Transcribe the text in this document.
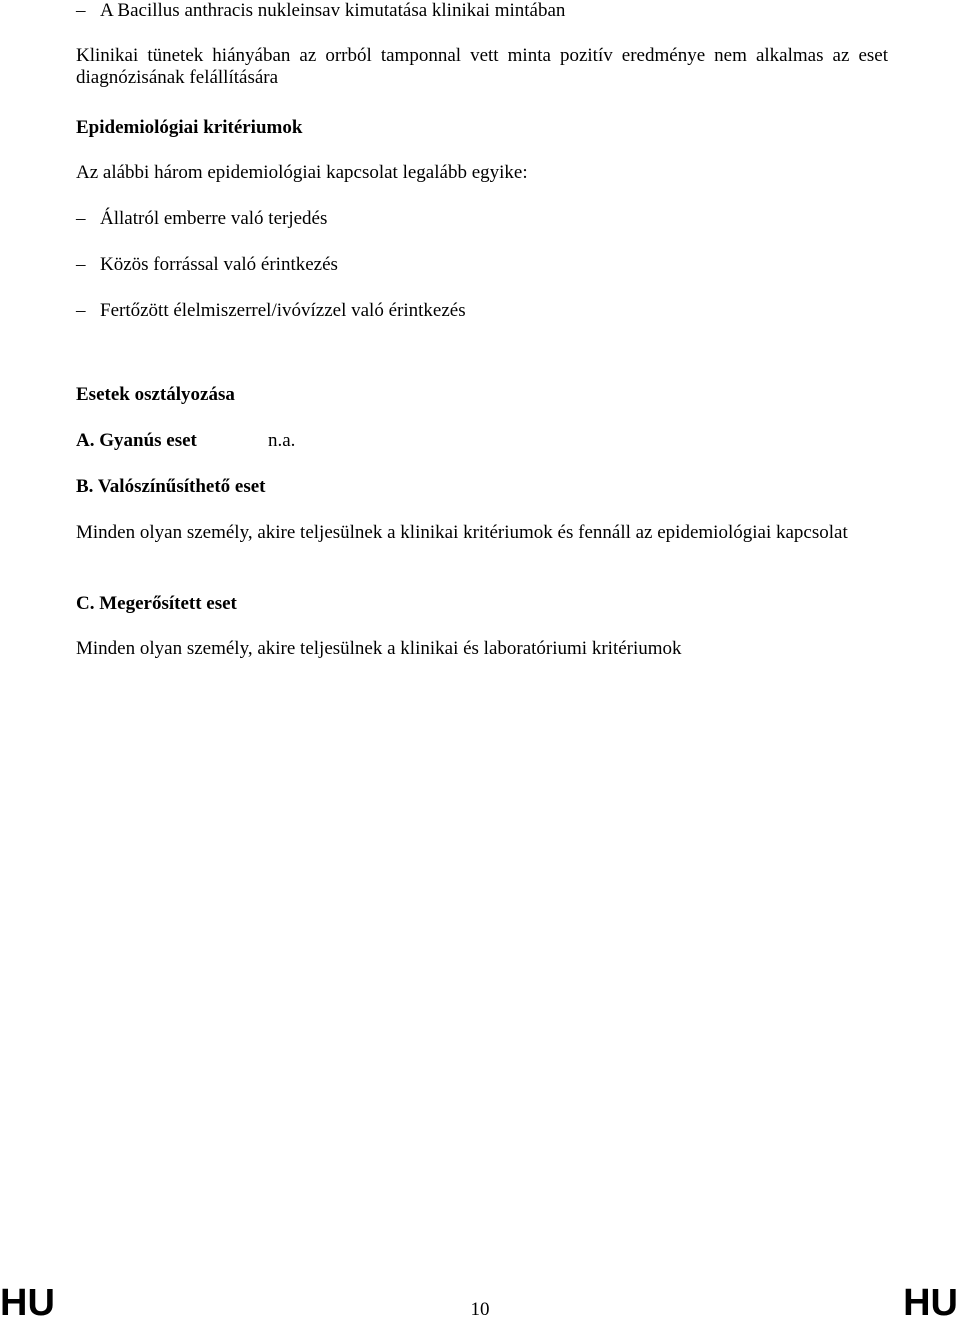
– A Bacillus anthracis nukleinsav kimutatása klinikai mintában
Klinikai tünetek hiányában az orrból tamponnal vett minta pozitív eredménye nem alkalmas az eset diagnózisának felállítására
Epidemiológiai kritériumok
Az alábbi három epidemiológiai kapcsolat legalább egyike:
– Állatról emberre való terjedés
– Közös forrással való érintkezés
– Fertőzött élelmiszerrel/ivóvízzel való érintkezés
Esetek osztályozása
A. Gyanús eset	n.a.
B. Valószínűsíthető eset
Minden olyan személy, akire teljesülnek a klinikai kritériumok és fennáll az epidemiológiai kapcsolat
C. Megerősített eset
Minden olyan személy, akire teljesülnek a klinikai és laboratóriumi kritériumok
HU	10	HU
